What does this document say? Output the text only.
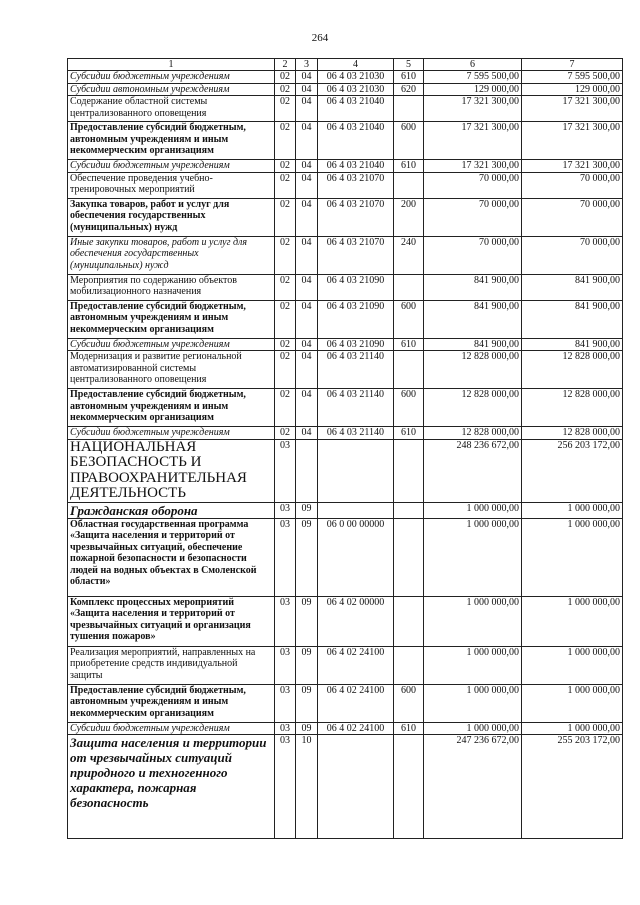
264
1	2	3	4	5	6	7
Субсидии бюджетным учреждениям	02	04	06 4 03 21030	610	7 595 500,00	7 595 500,00
Субсидии автономным учреждениям	02	04	06 4 03 21030	620	129 000,00	129 000,00
Содержание областной системы централизованного оповещения	02	04	06 4 03 21040		17 321 300,00	17 321 300,00
Предоставление субсидий бюджетным, автономным учреждениям и иным некоммерческим организациям	02	04	06 4 03 21040	600	17 321 300,00	17 321 300,00
Субсидии бюджетным учреждениям	02	04	06 4 03 21040	610	17 321 300,00	17 321 300,00
Обеспечение проведения учебно-тренировочных мероприятий	02	04	06 4 03 21070		70 000,00	70 000,00
Закупка товаров, работ и услуг для обеспечения государственных (муниципальных) нужд	02	04	06 4 03 21070	200	70 000,00	70 000,00
Иные закупки товаров, работ и услуг для обеспечения государственных (муниципальных) нужд	02	04	06 4 03 21070	240	70 000,00	70 000,00
Мероприятия по содержанию объектов мобилизационного назначения	02	04	06 4 03 21090		841 900,00	841 900,00
Предоставление субсидий бюджетным, автономным учреждениям и иным некоммерческим организациям	02	04	06 4 03 21090	600	841 900,00	841 900,00
Субсидии бюджетным учреждениям	02	04	06 4 03 21090	610	841 900,00	841 900,00
Модернизация и развитие региональной автоматизированной системы централизованного оповещения	02	04	06 4 03 21140		12 828 000,00	12 828 000,00
Предоставление субсидий бюджетным, автономным учреждениям и иным некоммерческим организациям	02	04	06 4 03 21140	600	12 828 000,00	12 828 000,00
Субсидии бюджетным учреждениям	02	04	06 4 03 21140	610	12 828 000,00	12 828 000,00
НАЦИОНАЛЬНАЯ БЕЗОПАСНОСТЬ И ПРАВООХРАНИТЕЛЬНАЯ ДЕЯТЕЛЬНОСТЬ	03				248 236 672,00	256 203 172,00
Гражданская оборона	03	09			1 000 000,00	1 000 000,00
Областная государственная программа «Защита населения и территорий от чрезвычайных ситуаций, обеспечение пожарной безопасности и безопасности людей на водных объектах в Смоленской области»	03	09	06 0 00 00000		1 000 000,00	1 000 000,00
Комплекс процессных мероприятий «Защита населения и территорий от чрезвычайных ситуаций и организация тушения пожаров»	03	09	06 4 02 00000		1 000 000,00	1 000 000,00
Реализация мероприятий, направленных на приобретение средств индивидуальной защиты	03	09	06 4 02 24100		1 000 000,00	1 000 000,00
Предоставление субсидий бюджетным, автономным учреждениям и иным некоммерческим организациям	03	09	06 4 02 24100	600	1 000 000,00	1 000 000,00
Субсидии бюджетным учреждениям	03	09	06 4 02 24100	610	1 000 000,00	1 000 000,00
Защита населения и территории от чрезвычайных ситуаций природного и техногенного характера, пожарная безопасность	03	10			247 236 672,00	255 203 172,00
